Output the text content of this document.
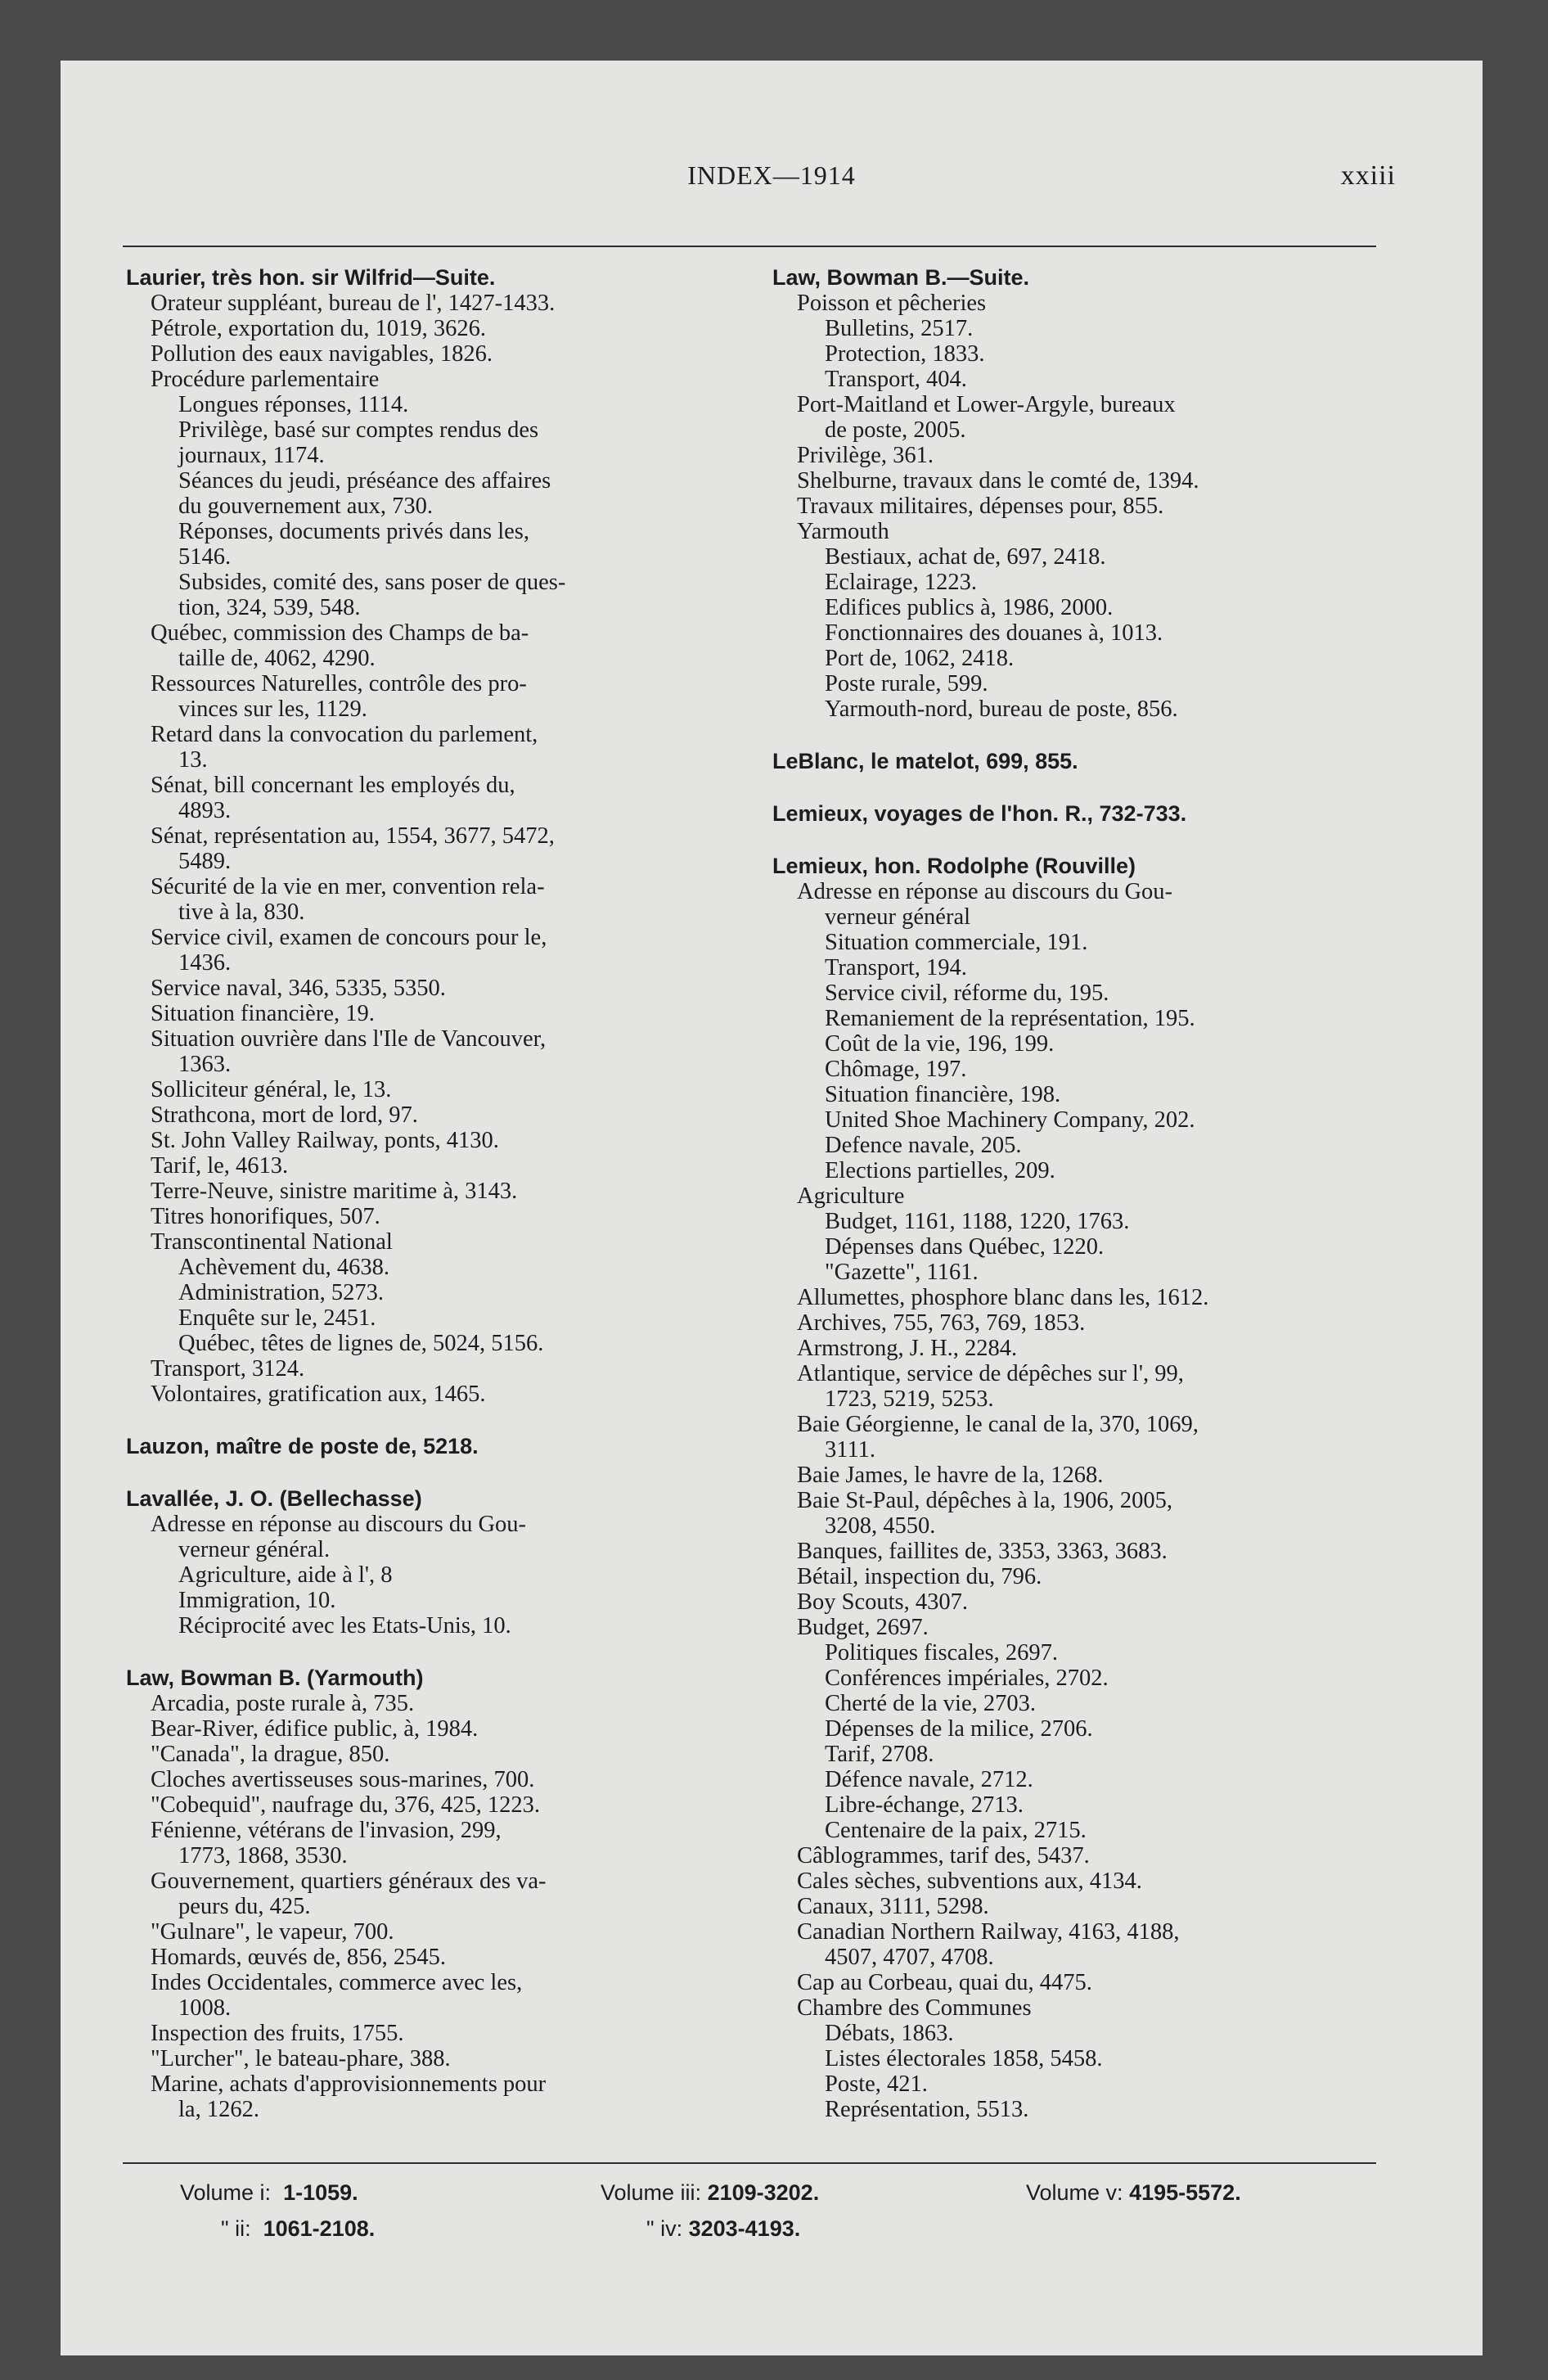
INDEX—1914	xxiii
Laurier, très hon. sir Wilfrid—Suite.
Orateur suppléant, bureau de l', 1427-1433.
Pétrole, exportation du, 1019, 3626.
Pollution des eaux navigables, 1826.
Procédure parlementaire
Longues réponses, 1114.
Privilège, basé sur comptes rendus des
journaux, 1174.
Séances du jeudi, préséance des affaires
du gouvernement aux, 730.
Réponses, documents privés dans les,
5146.
Subsides, comité des, sans poser de ques-
tion, 324, 539, 548.
Québec, commission des Champs de ba-
taille de, 4062, 4290.
Ressources Naturelles, contrôle des pro-
vinces sur les, 1129.
Retard dans la convocation du parlement,
13.
Sénat, bill concernant les employés du,
4893.
Sénat, représentation au, 1554, 3677, 5472,
5489.
Sécurité de la vie en mer, convention rela-
tive à la, 830.
Service civil, examen de concours pour le,
1436.
Service naval, 346, 5335, 5350.
Situation financière, 19.
Situation ouvrière dans l'Ile de Vancouver,
1363.
Solliciteur général, le, 13.
Strathcona, mort de lord, 97.
St. John Valley Railway, ponts, 4130.
Tarif, le, 4613.
Terre-Neuve, sinistre maritime à, 3143.
Titres honorifiques, 507.
Transcontinental National
Achèvement du, 4638.
Administration, 5273.
Enquête sur le, 2451.
Québec, têtes de lignes de, 5024, 5156.
Transport, 3124.
Volontaires, gratification aux, 1465.
Lauzon, maître de poste de, 5218.
Lavallée, J. O. (Bellechasse)
Adresse en réponse au discours du Gou-
verneur général.
Agriculture, aide à l', 8
Immigration, 10.
Réciprocité avec les Etats-Unis, 10.
Law, Bowman B. (Yarmouth)
Arcadia, poste rurale à, 735.
Bear-River, édifice public, à, 1984.
"Canada", la drague, 850.
Cloches avertisseuses sous-marines, 700.
"Cobequid", naufrage du, 376, 425, 1223.
Fénienne, vétérans de l'invasion, 299,
1773, 1868, 3530.
Gouvernement, quartiers généraux des va-
peurs du, 425.
"Gulnare", le vapeur, 700.
Homards, œuvés de, 856, 2545.
Indes Occidentales, commerce avec les,
1008.
Inspection des fruits, 1755.
"Lurcher", le bateau-phare, 388.
Marine, achats d'approvisionnements pour
la, 1262.
Law, Bowman B.—Suite.
Poisson et pêcheries
Bulletins, 2517.
Protection, 1833.
Transport, 404.
Port-Maitland et Lower-Argyle, bureaux
de poste, 2005.
Privilège, 361.
Shelburne, travaux dans le comté de, 1394.
Travaux militaires, dépenses pour, 855.
Yarmouth
Bestiaux, achat de, 697, 2418.
Eclairage, 1223.
Edifices publics à, 1986, 2000.
Fonctionnaires des douanes à, 1013.
Port de, 1062, 2418.
Poste rurale, 599.
Yarmouth-nord, bureau de poste, 856.
LeBlanc, le matelot, 699, 855.
Lemieux, voyages de l'hon. R., 732-733.
Lemieux, hon. Rodolphe (Rouville)
Adresse en réponse au discours du Gou-
verneur général
Situation commerciale, 191.
Transport, 194.
Service civil, réforme du, 195.
Remaniement de la représentation, 195.
Coût de la vie, 196, 199.
Chômage, 197.
Situation financière, 198.
United Shoe Machinery Company, 202.
Defence navale, 205.
Elections partielles, 209.
Agriculture
Budget, 1161, 1188, 1220, 1763.
Dépenses dans Québec, 1220.
"Gazette", 1161.
Allumettes, phosphore blanc dans les, 1612.
Archives, 755, 763, 769, 1853.
Armstrong, J. H., 2284.
Atlantique, service de dépêches sur l', 99,
1723, 5219, 5253.
Baie Géorgienne, le canal de la, 370, 1069,
3111.
Baie James, le havre de la, 1268.
Baie St-Paul, dépêches à la, 1906, 2005,
3208, 4550.
Banques, faillites de, 3353, 3363, 3683.
Bétail, inspection du, 796.
Boy Scouts, 4307.
Budget, 2697.
Politiques fiscales, 2697.
Conférences impériales, 2702.
Cherté de la vie, 2703.
Dépenses de la milice, 2706.
Tarif, 2708.
Défence navale, 2712.
Libre-échange, 2713.
Centenaire de la paix, 2715.
Câblogrammes, tarif des, 5437.
Cales sèches, subventions aux, 4134.
Canaux, 3111, 5298.
Canadian Northern Railway, 4163, 4188,
4507, 4707, 4708.
Cap au Corbeau, quai du, 4475.
Chambre des Communes
Débats, 1863.
Listes électorales 1858, 5458.
Poste, 421.
Représentation, 5513.
Volume i: 1-1059.
" ii: 1061-2108.
Volume iii: 2109-3202.
" iv: 3203-4193.
Volume v: 4195-5572.
